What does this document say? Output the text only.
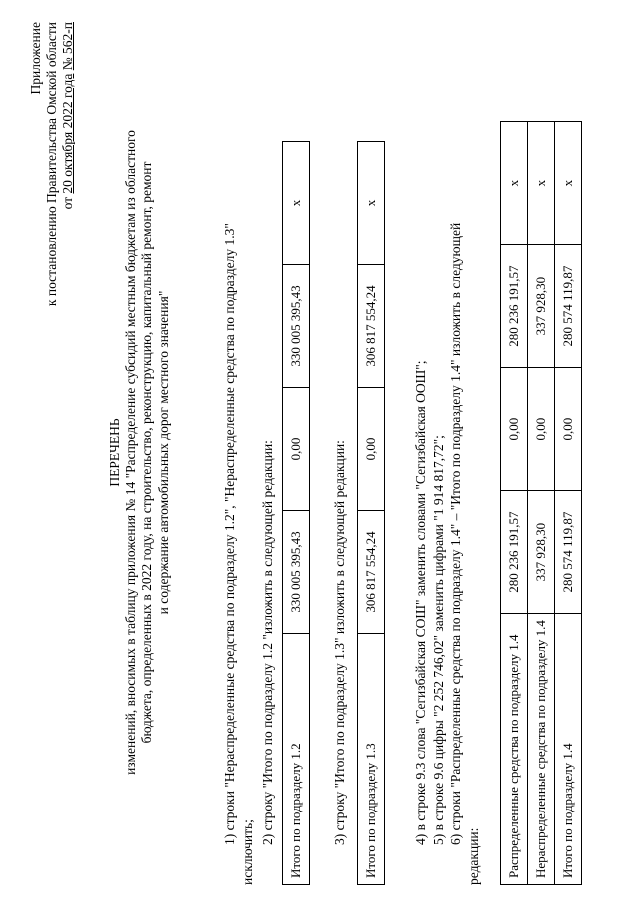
Приложение к постановлению Правительства Омской области от 20 октября 2022 года № 562-п
ПЕРЕЧЕНЬ изменений, вносимых в таблицу приложения № 14 "Распределение субсидий местным бюджетам из областного бюджета, определенных в 2022 году, на строительство, реконструкцию, капитальный ремонт, ремонт и содержание автомобильных дорог местного значения"	1) строки "Нераспределенные средства по подразделу 1.2", "Нераспределенные средства по подразделу 1.3"
исключить;
2) строку "Итого по подразделу 1.2 "изложить в следующей редакции: Итого по подразделу 1.2	330 005 395,43	0,00	330 005 395,43	х
3) строку "Итого по подразделу 1.3" изложить в следующей редакции: Итого по подразделу 1.3	306 817 554,24	0,00	306 817 554,24	х
4) в строке 9.3 слова "Сегизбайская СОШ" заменить словами "Сегизбайская ООШ"; 5) в строке 9.6 цифры "2 252 746,02" заменить цифрами "1 914 817,72"; 6) строки "Распределенные средства по подразделу 1.4" – "Итого по подразделу 1.4" изложить в следующей
редакции: Распределенные средства по подразделу 1.4	280 236 191,57	0,00	280 236 191,57	х
Нераспределенные средства по подразделу 1.4	337 928,30	0,00	337 928,30	х
Итого по подразделу 1.4	280 574 119,87	0,00	280 574 119,87	х
